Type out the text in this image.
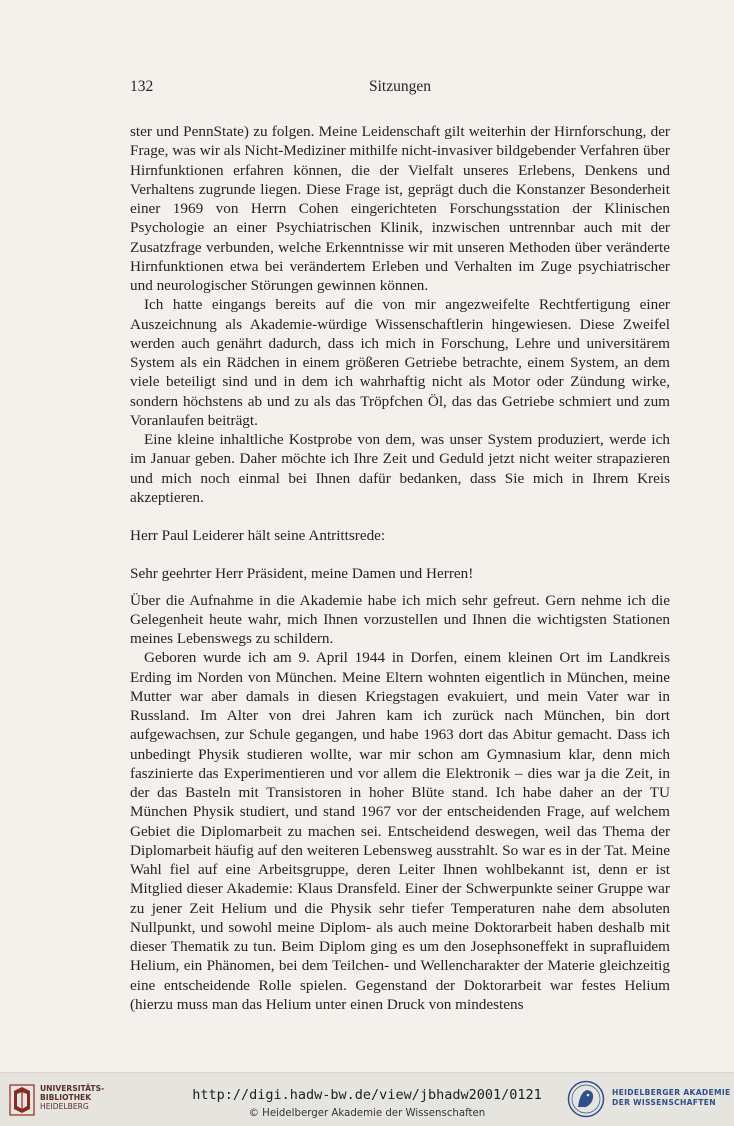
132	Sitzungen

ster und PennState) zu folgen. Meine Leidenschaft gilt weiterhin der Hirnforschung, der Frage, was wir als Nicht-Mediziner mithilfe nicht-invasiver bildgebender Verfahren über Hirnfunktionen erfahren können, die der Vielfalt unseres Erlebens, Denkens und Verhaltens zugrunde liegen. Diese Frage ist, geprägt duch die Konstanzer Besonderheit einer 1969 von Herrn Cohen eingerichteten Forschungsstation der Klinischen Psychologie an einer Psychiatrischen Klinik, inzwischen untrennbar auch mit der Zusatzfrage verbunden, welche Erkenntnisse wir mit unseren Methoden über veränderte Hirnfunktionen etwa bei verändertem Erleben und Verhalten im Zuge psychiatrischer und neurologischer Störungen gewinnen können.

Ich hatte eingangs bereits auf die von mir angezweifelte Rechtfertigung einer Auszeichnung als Akademie-würdige Wissenschaftlerin hingewiesen. Diese Zweifel werden auch genährt dadurch, dass ich mich in Forschung, Lehre und universitärem System als ein Rädchen in einem größeren Getriebe betrachte, einem System, an dem viele beteiligt sind und in dem ich wahrhaftig nicht als Motor oder Zündung wirke, sondern höchstens ab und zu als das Tröpfchen Öl, das das Getriebe schmiert und zum Voranlaufen beiträgt.

Eine kleine inhaltliche Kostprobe von dem, was unser System produziert, werde ich im Januar geben. Daher möchte ich Ihre Zeit und Geduld jetzt nicht weiter strapazieren und mich noch einmal bei Ihnen dafür bedanken, dass Sie mich in Ihrem Kreis akzeptieren.

Herr Paul Leiderer hält seine Antrittsrede:

Sehr geehrter Herr Präsident, meine Damen und Herren!

Über die Aufnahme in die Akademie habe ich mich sehr gefreut. Gern nehme ich die Gelegenheit heute wahr, mich Ihnen vorzustellen und Ihnen die wichtigsten Stationen meines Lebenswegs zu schildern.

Geboren wurde ich am 9. April 1944 in Dorfen, einem kleinen Ort im Landkreis Erding im Norden von München. Meine Eltern wohnten eigentlich in München, meine Mutter war aber damals in diesen Kriegstagen evakuiert, und mein Vater war in Russland. Im Alter von drei Jahren kam ich zurück nach München, bin dort aufgewachsen, zur Schule gegangen, und habe 1963 dort das Abitur gemacht. Dass ich unbedingt Physik studieren wollte, war mir schon am Gymnasium klar, denn mich faszinierte das Experimentieren und vor allem die Elektronik – dies war ja die Zeit, in der das Basteln mit Transistoren in hoher Blüte stand. Ich habe daher an der TU München Physik studiert, und stand 1967 vor der entscheidenden Frage, auf welchem Gebiet die Diplomarbeit zu machen sei. Entscheidend deswegen, weil das Thema der Diplomarbeit häufig auf den weiteren Lebensweg ausstrahlt. So war es in der Tat. Meine Wahl fiel auf eine Arbeitsgruppe, deren Leiter Ihnen wohlbekannt ist, denn er ist Mitglied dieser Akademie: Klaus Dransfeld. Einer der Schwerpunkte seiner Gruppe war zu jener Zeit Helium und die Physik sehr tiefer Temperaturen nahe dem absoluten Nullpunkt, und sowohl meine Diplom- als auch meine Doktorarbeit haben deshalb mit dieser Thematik zu tun. Beim Diplom ging es um den Josephsoneffekt in suprafluidem Helium, ein Phänomen, bei dem Teilchen- und Wellencharakter der Materie gleichzeitig eine entscheidende Rolle spielen. Gegenstand der Doktorarbeit war festes Helium (hierzu muss man das Helium unter einen Druck von mindestens

UNIVERSITÄTS-
BIBLIOTHEK
HEIDELBERG
http://digi.hadw-bw.de/view/jbhadw2001/0121
© Heidelberger Akademie der Wissenschaften
HEIDELBERGER AKADEMIE
DER WISSENSCHAFTEN
